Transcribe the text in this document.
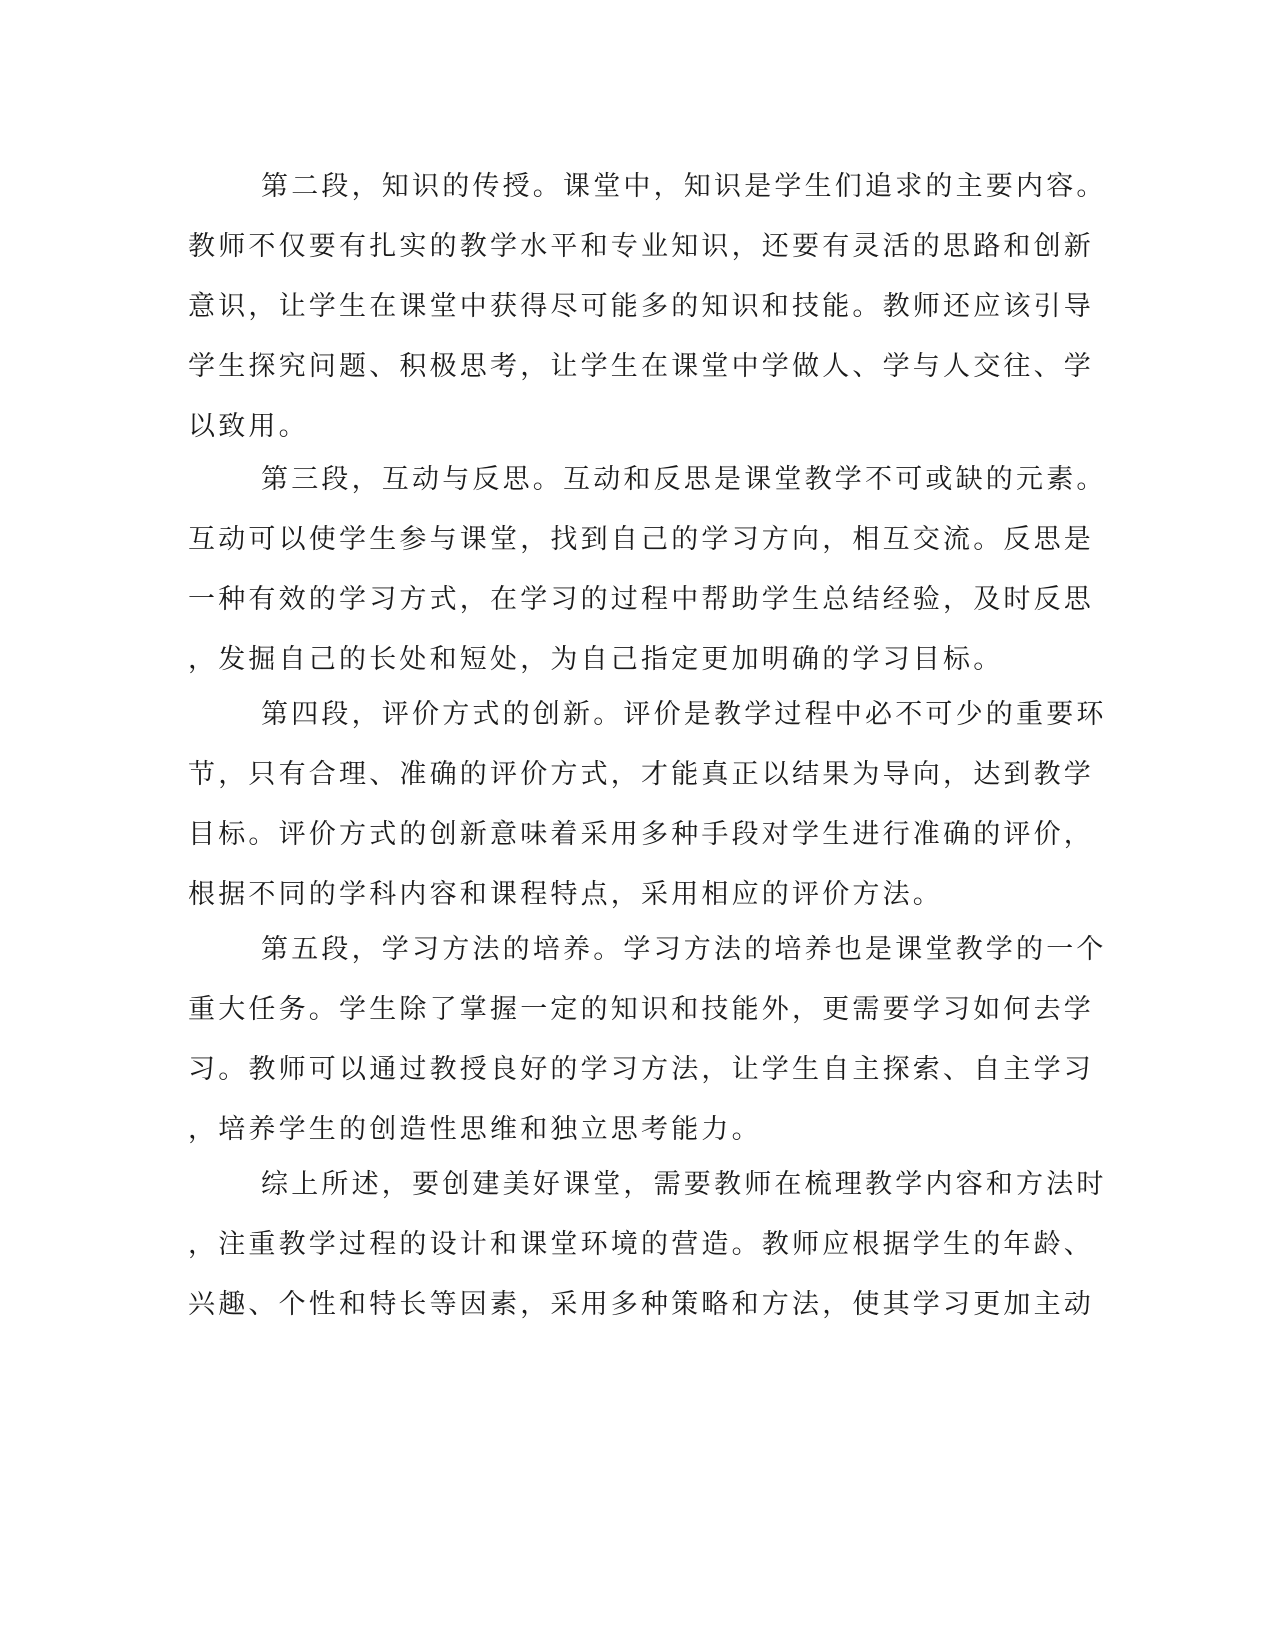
第二段，知识的传授。课堂中，知识是学生们追求的主要内容。
教师不仅要有扎实的教学水平和专业知识，还要有灵活的思路和创新
意识，让学生在课堂中获得尽可能多的知识和技能。教师还应该引导
学生探究问题、积极思考，让学生在课堂中学做人、学与人交往、学
以致用。
第三段，互动与反思。互动和反思是课堂教学不可或缺的元素。
互动可以使学生参与课堂，找到自己的学习方向，相互交流。反思是
一种有效的学习方式，在学习的过程中帮助学生总结经验，及时反思
，发掘自己的长处和短处，为自己指定更加明确的学习目标。
第四段，评价方式的创新。评价是教学过程中必不可少的重要环
节，只有合理、准确的评价方式，才能真正以结果为导向，达到教学
目标。评价方式的创新意味着采用多种手段对学生进行准确的评价，
根据不同的学科内容和课程特点，采用相应的评价方法。
第五段，学习方法的培养。学习方法的培养也是课堂教学的一个
重大任务。学生除了掌握一定的知识和技能外，更需要学习如何去学
习。教师可以通过教授良好的学习方法，让学生自主探索、自主学习
，培养学生的创造性思维和独立思考能力。
综上所述，要创建美好课堂，需要教师在梳理教学内容和方法时
，注重教学过程的设计和课堂环境的营造。教师应根据学生的年龄、
兴趣、个性和特长等因素，采用多种策略和方法，使其学习更加主动
